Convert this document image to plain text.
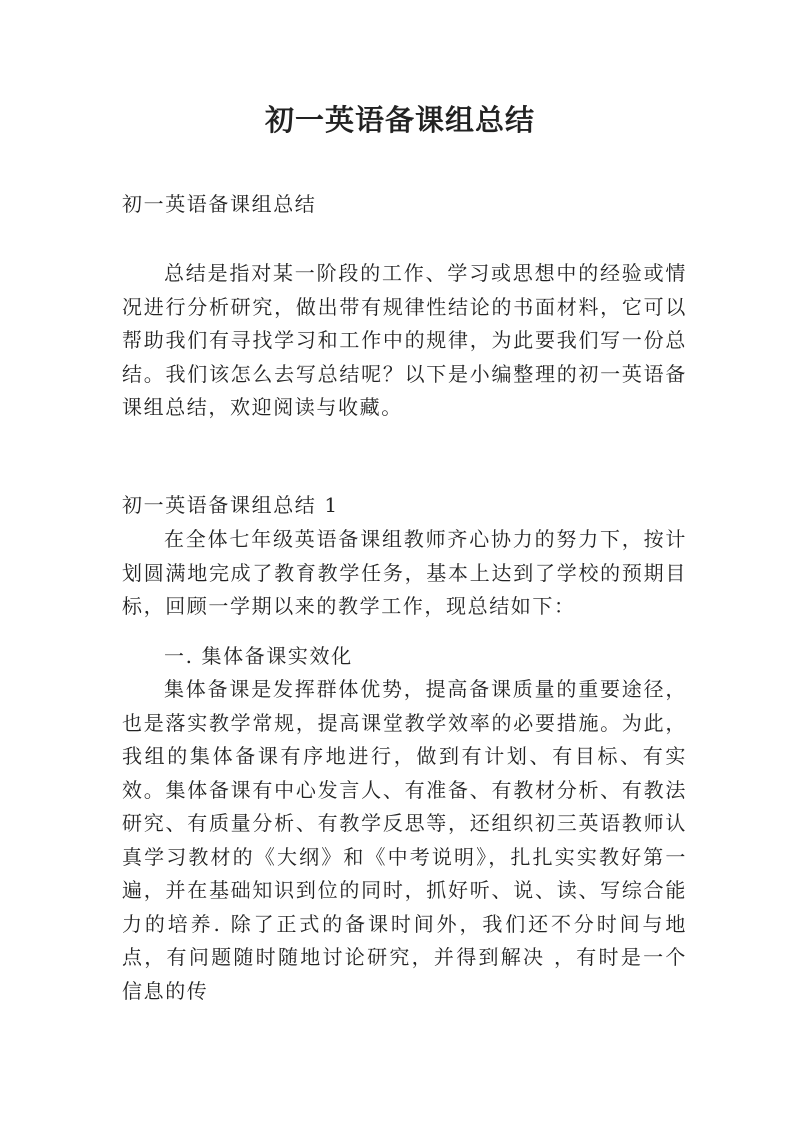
初一英语备课组总结
初一英语备课组总结
总结是指对某一阶段的工作、学习或思想中的经验或情况进行分析研究，做出带有规律性结论的书面材料，它可以帮助我们有寻找学习和工作中的规律，为此要我们写一份总结。我们该怎么去写总结呢？以下是小编整理的初一英语备课组总结，欢迎阅读与收藏。
初一英语备课组总结 1
在全体七年级英语备课组教师齐心协力的努力下，按计划圆满地完成了教育教学任务，基本上达到了学校的预期目标，回顾一学期以来的教学工作，现总结如下：
一. 集体备课实效化
集体备课是发挥群体优势，提高备课质量的重要途径，也是落实教学常规，提高课堂教学效率的必要措施。为此，我组的集体备课有序地进行，做到有计划、有目标、有实效。集体备课有中心发言人、有准备、有教材分析、有教法研究、有质量分析、有教学反思等，还组织初三英语教师认真学习教材的《大纲》和《中考说明》，扎扎实实教好第一遍，并在基础知识到位的同时，抓好听、说、读、写综合能力的培养. 除了正式的备课时间外，我们还不分时间与地点，有问题随时随地讨论研究，并得到解决 ，有时是一个信息的传
